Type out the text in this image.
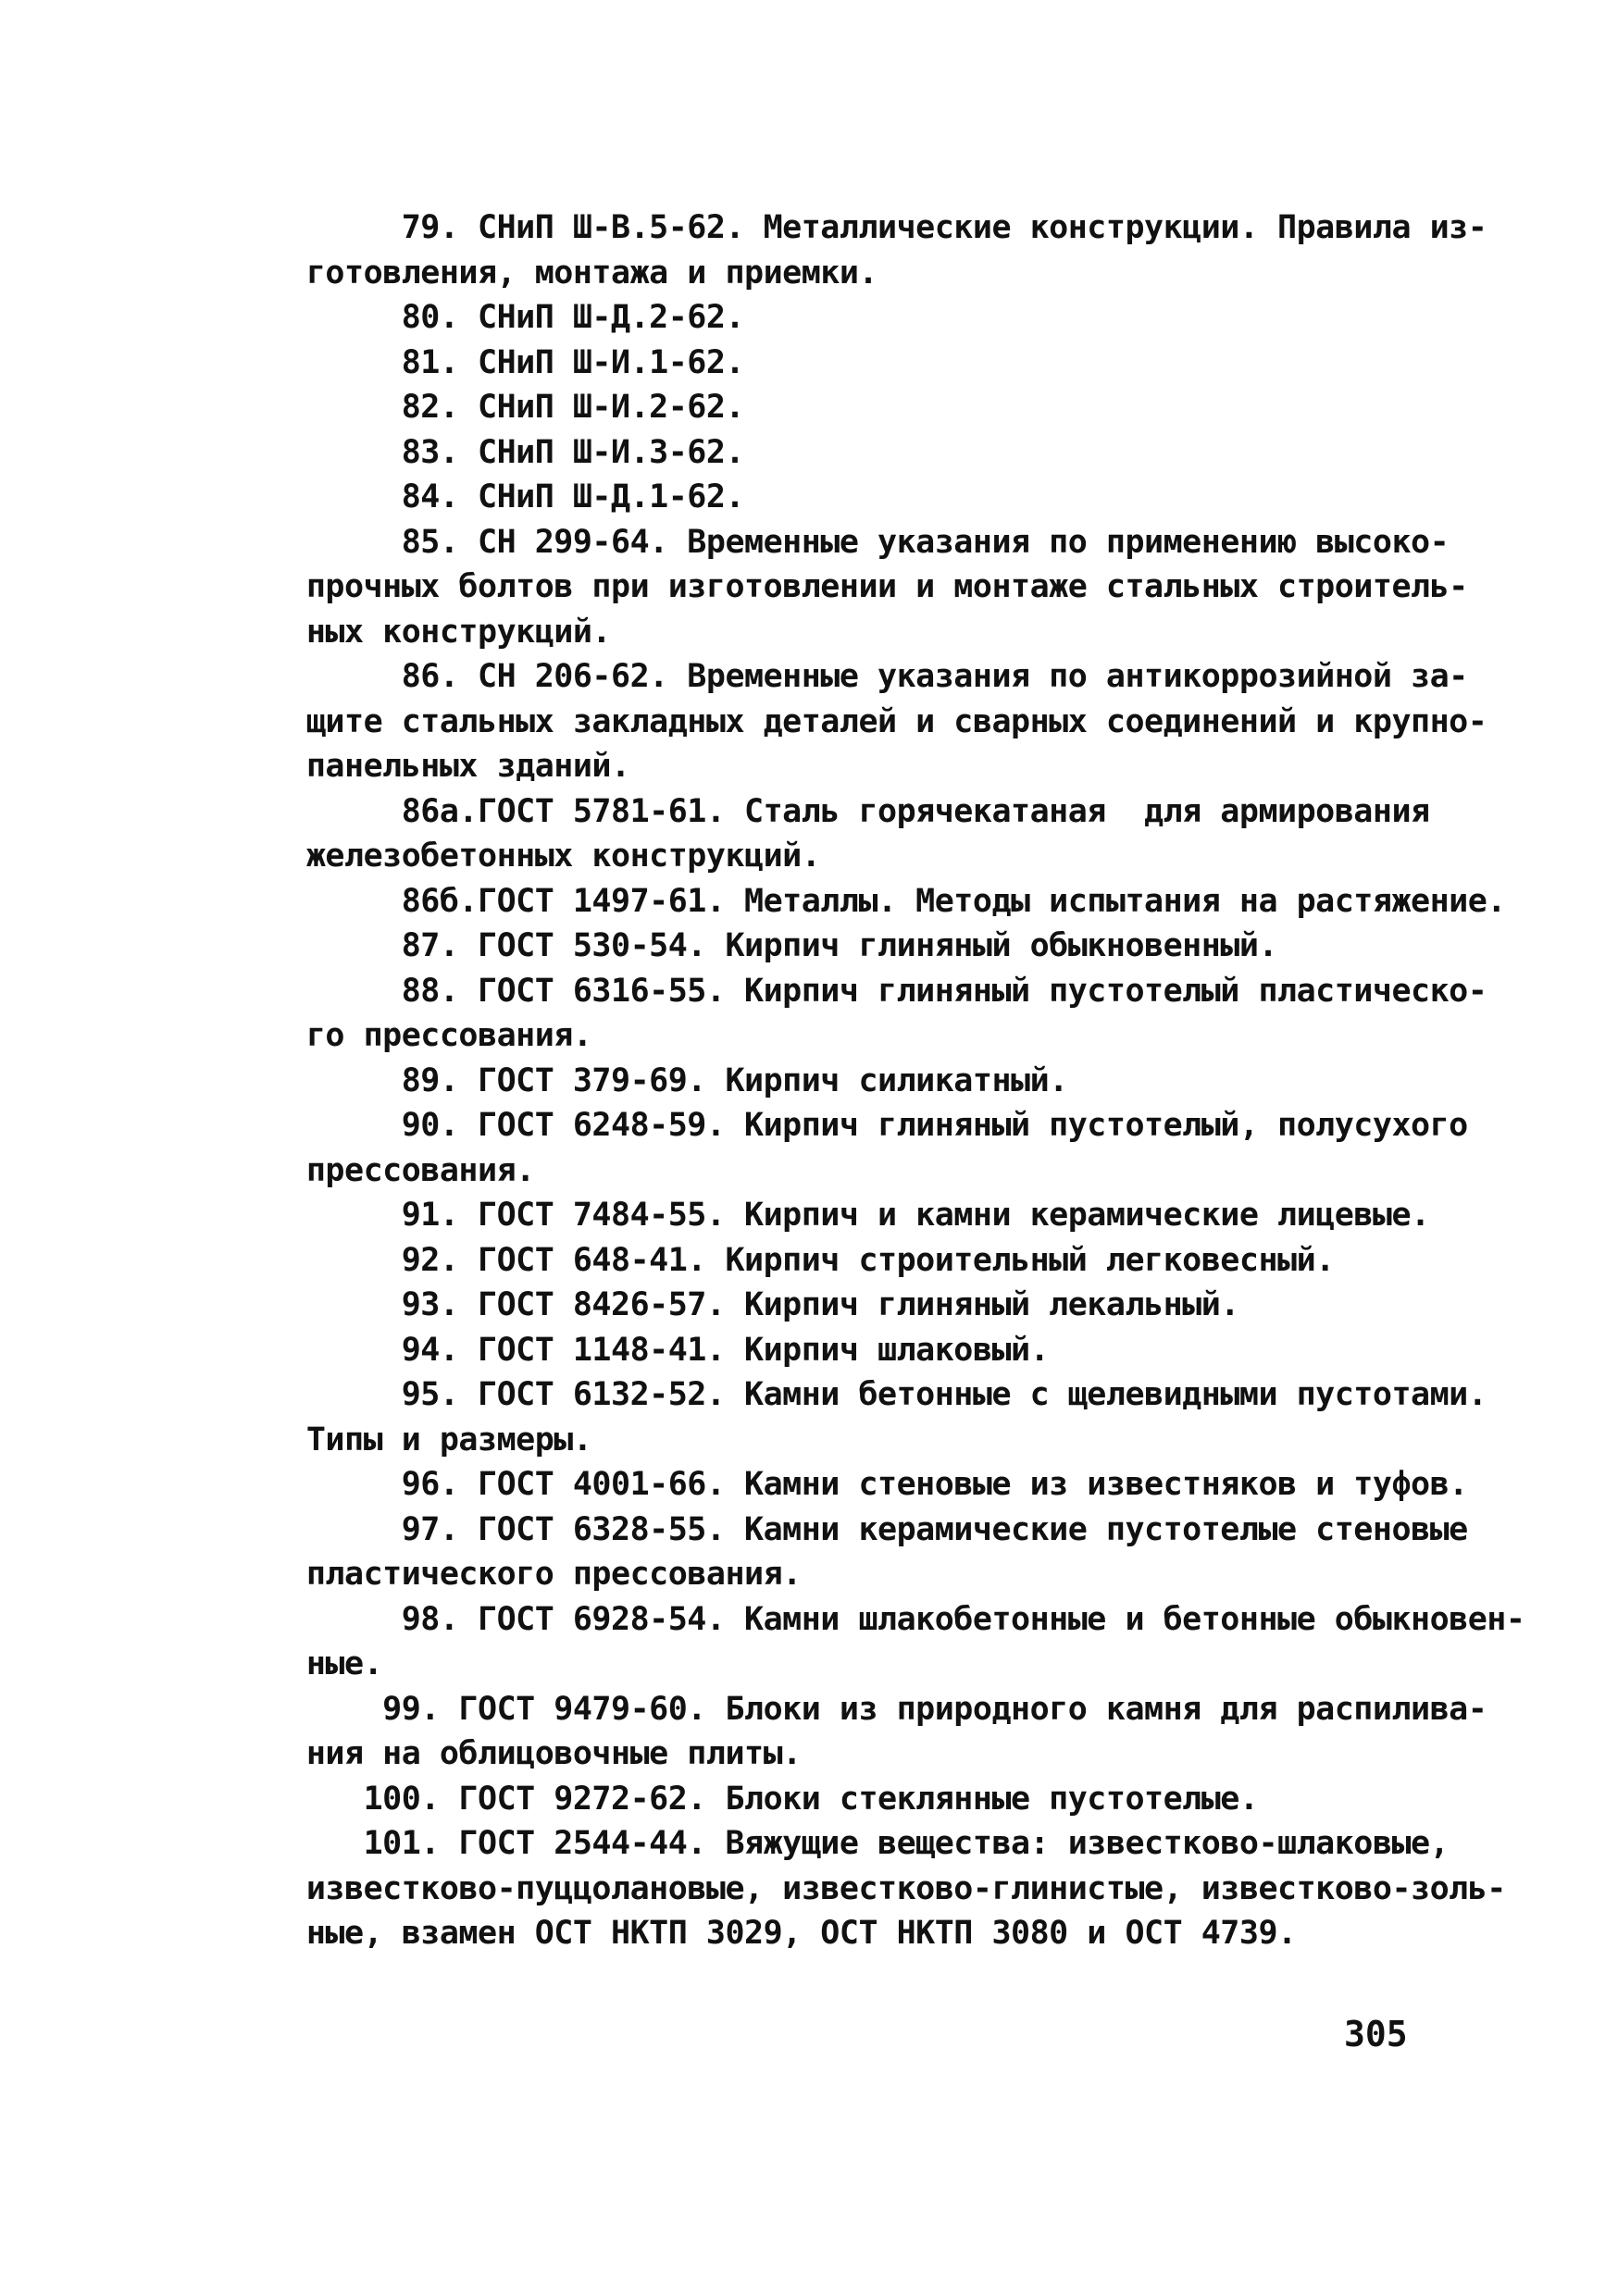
79. СНиП Ш-В.5-62. Металлические конструкции. Правила из-
готовления, монтажа и приемки.
80. СНиП Ш-Д.2-62.
81. СНиП Ш-И.1-62.
82. СНиП Ш-И.2-62.
83. СНиП Ш-И.3-62.
84. СНиП Ш-Д.1-62.
85. СН 299-64. Временные указания по применению высоко-
прочных болтов при изготовлении и монтаже стальных строитель-
ных конструкций.
86. СН 206-62. Временные указания по антикоррозийной за-
щите стальных закладных деталей и сварных соединений и крупно-
панельных зданий.
86а.ГОСТ 5781-61. Сталь горячекатаная  для армирования
железобетонных конструкций.
86б.ГОСТ 1497-61. Металлы. Методы испытания на растяжение.
87. ГОСТ 530-54. Кирпич глиняный обыкновенный.
88. ГОСТ 6316-55. Кирпич глиняный пустотелый пластическо-
го прессования.
89. ГОСТ 379-69. Кирпич силикатный.
90. ГОСТ 6248-59. Кирпич глиняный пустотелый, полусухого
прессования.
91. ГОСТ 7484-55. Кирпич и камни керамические лицевые.
92. ГОСТ 648-41. Кирпич строительный легковесный.
93. ГОСТ 8426-57. Кирпич глиняный лекальный.
94. ГОСТ 1148-41. Кирпич шлаковый.
95. ГОСТ 6132-52. Камни бетонные с щелевидными пустотами.
Типы и размеры.
96. ГОСТ 4001-66. Камни стеновые из известняков и туфов.
97. ГОСТ 6328-55. Камни керамические пустотелые стеновые
пластического прессования.
98. ГОСТ 6928-54. Камни шлакобетонные и бетонные обыкновен-
ные.
99. ГОСТ 9479-60. Блоки из природного камня для распилива-
ния на облицовочные плиты.
100. ГОСТ 9272-62. Блоки стеклянные пустотелые.
101. ГОСТ 2544-44. Вяжущие вещества: известково-шлаковые,
известково-пуццолановые, известково-глинистые, известково-золь-
ные, взамен ОСТ НКТП 3029, ОСТ НКТП 3080 и ОСТ 4739.
305
